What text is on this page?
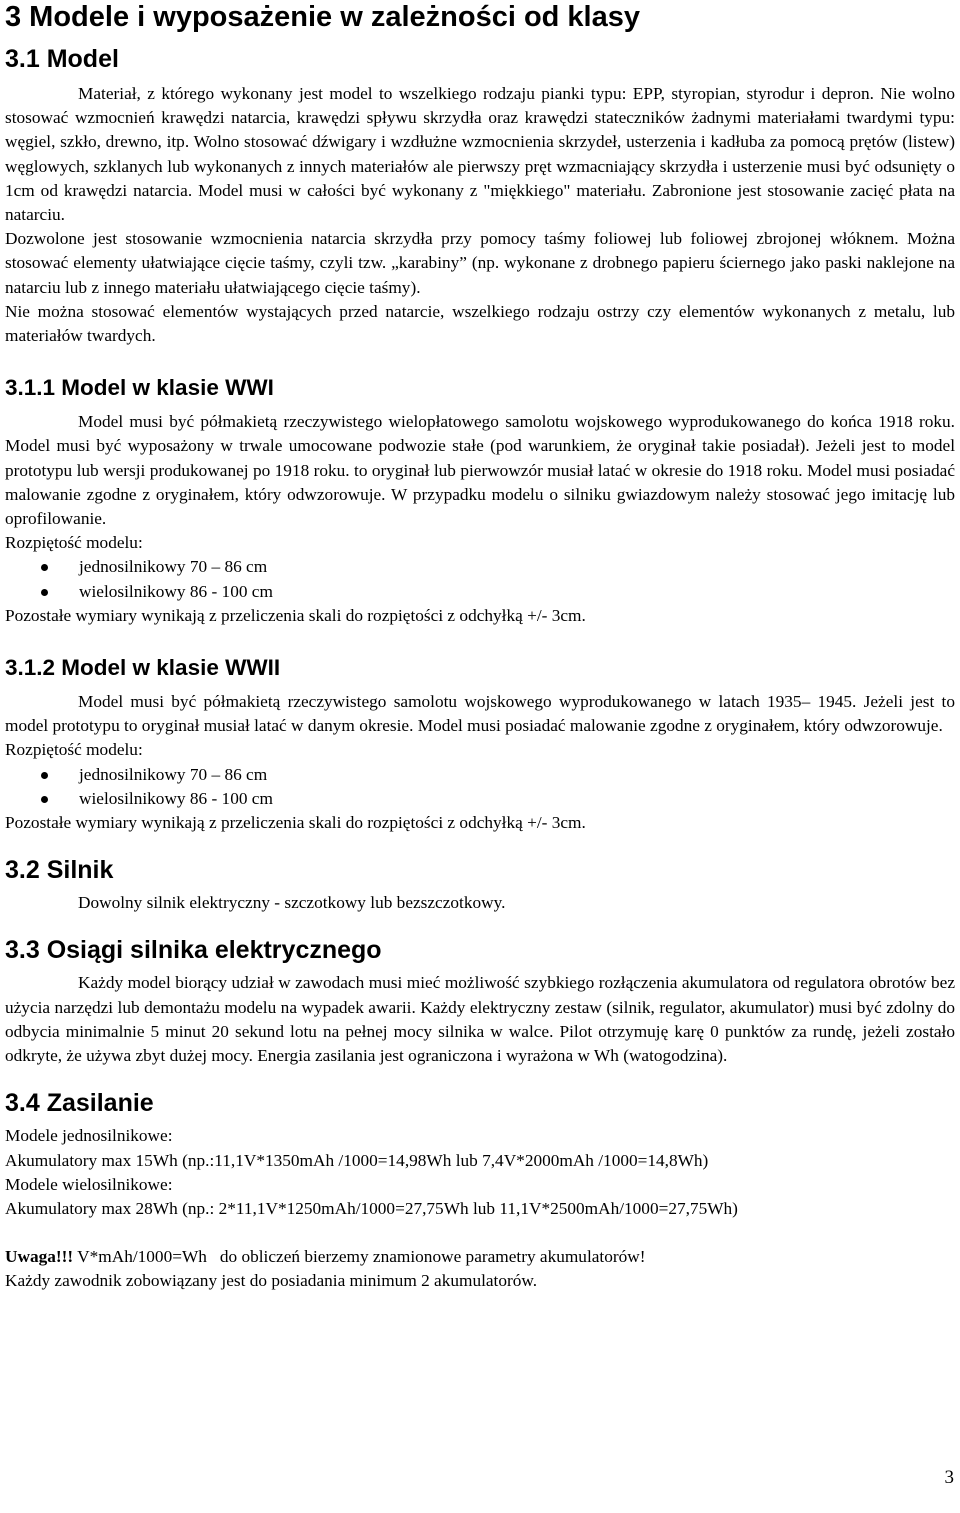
3 Modele i wyposażenie w zależności od klasy
3.1 Model

Materiał, z którego wykonany jest model to wszelkiego rodzaju pianki typu: EPP, styropian, styrodur i depron. Nie wolno stosować wzmocnień krawędzi natarcia, krawędzi spływu skrzydła oraz krawędzi stateczników żadnymi materiałami twardymi typu: węgiel, szkło, drewno, itp. Wolno stosować dźwigary i wzdłużne wzmocnienia skrzydeł, usterzenia i kadłuba za pomocą prętów (listew) węglowych, szklanych lub wykonanych z innych materiałów ale pierwszy pręt wzmacniający skrzydła i usterzenie musi być odsunięty o 1cm od krawędzi natarcia. Model musi w całości być wykonany z "miękkiego" materiału. Zabronione jest stosowanie zacięć płata na natarciu.

Dozwolone jest stosowanie wzmocnienia natarcia skrzydła przy pomocy taśmy foliowej lub foliowej zbrojonej włóknem. Można stosować elementy ułatwiające cięcie taśmy, czyli tzw. „karabiny” (np. wykonane z drobnego papieru ściernego jako paski naklejone na natarciu lub z innego materiału ułatwiającego cięcie taśmy).

Nie można stosować elementów wystających przed natarcie, wszelkiego rodzaju ostrzy czy elementów wykonanych z metalu, lub materiałów twardych.

3.1.1 Model w klasie WWI

Model musi być półmakietą rzeczywistego wielopłatowego samolotu wojskowego wyprodukowanego do końca 1918 roku. Model musi być wyposażony w trwale umocowane podwozie stałe (pod warunkiem, że oryginał takie posiadał). Jeżeli jest to model prototypu lub wersji produkowanej po 1918 roku. to oryginał lub pierwowzór musiał latać w okresie do 1918 roku. Model musi posiadać malowanie zgodne z oryginałem, który odwzorowuje. W przypadku modelu o silniku gwiazdowym należy stosować jego imitację lub oprofilowanie.

Rozpiętość modelu:

jednosilnikowy 70 – 86 cm
wielosilnikowy 86 - 100 cm

Pozostałe wymiary wynikają z przeliczenia skali do rozpiętości z odchyłką +/- 3cm.

3.1.2 Model w klasie WWII

Model musi być półmakietą rzeczywistego samolotu wojskowego wyprodukowanego w latach 1935– 1945. Jeżeli jest to model prototypu to oryginał musiał latać w danym okresie. Model musi posiadać malowanie zgodne z oryginałem, który odwzorowuje.

Rozpiętość modelu:

jednosilnikowy 70 – 86 cm
wielosilnikowy 86 - 100 cm

Pozostałe wymiary wynikają z przeliczenia skali do rozpiętości z odchyłką +/- 3cm.

3.2 Silnik

Dowolny silnik elektryczny - szczotkowy lub bezszczotkowy.

3.3 Osiągi silnika elektrycznego

Każdy model biorący udział w zawodach musi mieć możliwość szybkiego rozłączenia akumulatora od regulatora obrotów bez użycia narzędzi lub demontażu modelu na wypadek awarii. Każdy elektryczny zestaw (silnik, regulator, akumulator) musi być zdolny do odbycia minimalnie 5 minut 20 sekund lotu na pełnej mocy silnika w walce. Pilot otrzymuję karę 0 punktów za rundę, jeżeli zostało odkryte, że używa zbyt dużej mocy. Energia zasilania jest ograniczona i wyrażona w Wh (watogodzina).

3.4 Zasilanie

Modele jednosilnikowe:

Akumulatory max 15Wh (np.:11,1V*1350mAh /1000=14,98Wh lub 7,4V*2000mAh /1000=14,8Wh)

Modele wielosilnikowe:

Akumulatory max 28Wh (np.: 2*11,1V*1250mAh/1000=27,75Wh lub 11,1V*2500mAh/1000=27,75Wh)

Uwaga!!! V*mAh/1000=Wh   do obliczeń bierzemy znamionowe parametry akumulatorów!

Każdy zawodnik zobowiązany jest do posiadania minimum 2 akumulatorów.

3
